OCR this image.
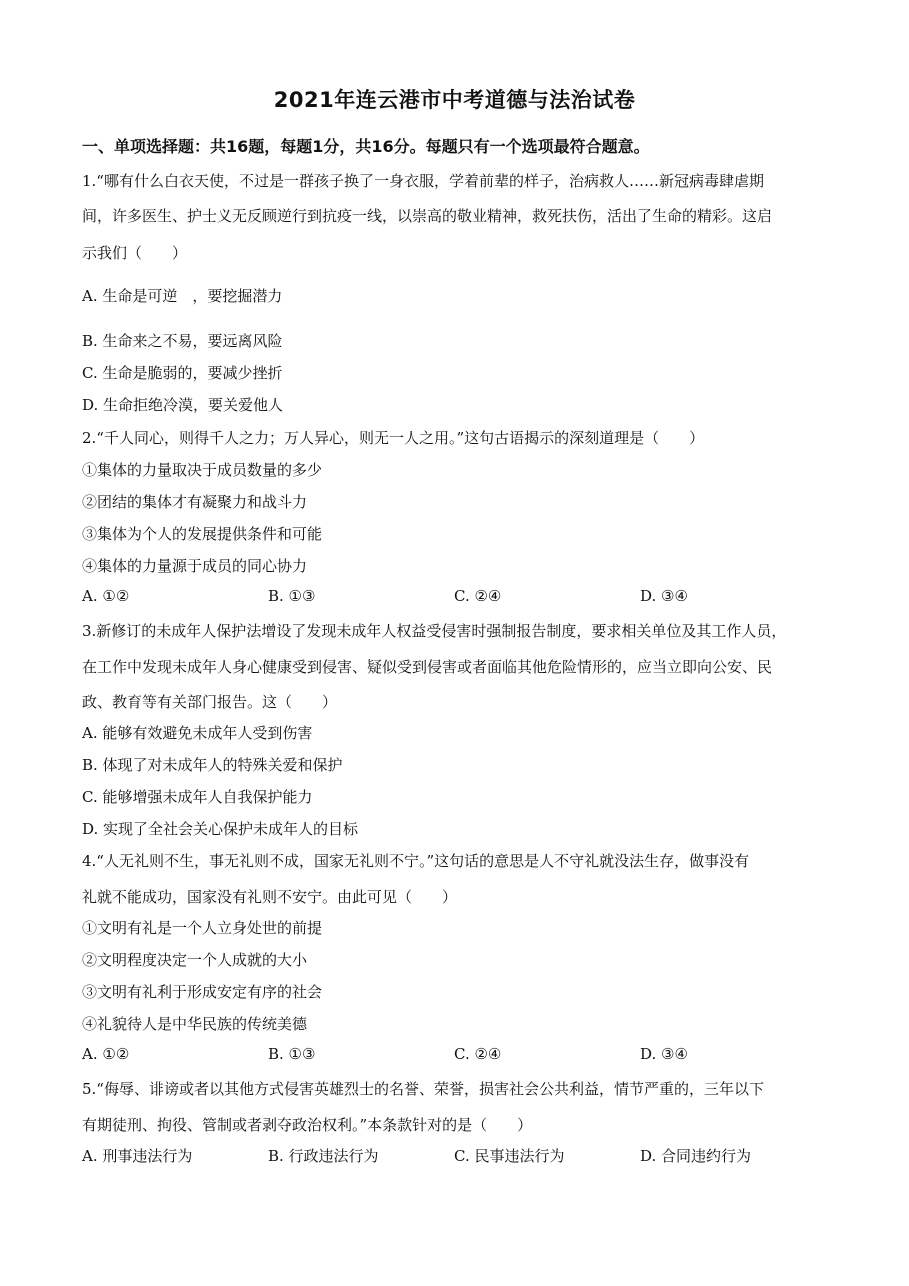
2021年连云港市中考道德与法治试卷
一、单项选择题：共16题，每题1分，共16分。每题只有一个选项最符合题意。
1.“哪有什么白衣天使，不过是一群孩子换了一身衣服，学着前辈的样子，治病救人……新冠病毒肆虐期
间，许多医生、护士义无反顾逆行到抗疫一线，以崇高的敬业精神，救死扶伤，活出了生命的精彩。这启
示我们（　　）
A. 生命是可逆　，要挖掘潜力
B. 生命来之不易，要远离风险
C. 生命是脆弱的，要减少挫折
D. 生命拒绝冷漠，要关爱他人
2.“千人同心，则得千人之力；万人异心，则无一人之用。”这句古语揭示的深刻道理是（　　）
①集体的力量取决于成员数量的多少
②团结的集体才有凝聚力和战斗力
③集体为个人的发展提供条件和可能
④集体的力量源于成员的同心协力
A. ①②	B. ①③	C. ②④	D. ③④
3.新修订的未成年人保护法增设了发现未成年人权益受侵害时强制报告制度，要求相关单位及其工作人员，
在工作中发现未成年人身心健康受到侵害、疑似受到侵害或者面临其他危险情形的，应当立即向公安、民
政、教育等有关部门报告。这（　　）
A. 能够有效避免未成年人受到伤害
B. 体现了对未成年人的特殊关爱和保护
C. 能够增强未成年人自我保护能力
D. 实现了全社会关心保护未成年人的目标
4.“人无礼则不生，事无礼则不成，国家无礼则不宁。”这句话的意思是人不守礼就没法生存，做事没有
礼就不能成功，国家没有礼则不安宁。由此可见（　　）
①文明有礼是一个人立身处世的前提
②文明程度决定一个人成就的大小
③文明有礼利于形成安定有序的社会
④礼貌待人是中华民族的传统美德
A. ①②	B. ①③	C. ②④	D. ③④
5.“侮辱、诽谤或者以其他方式侵害英雄烈士的名誉、荣誉，损害社会公共利益，情节严重的，三年以下
有期徒刑、拘役、管制或者剥夺政治权利。”本条款针对的是（　　）
A. 刑事违法行为	B. 行政违法行为	C. 民事违法行为	D. 合同违约行为
